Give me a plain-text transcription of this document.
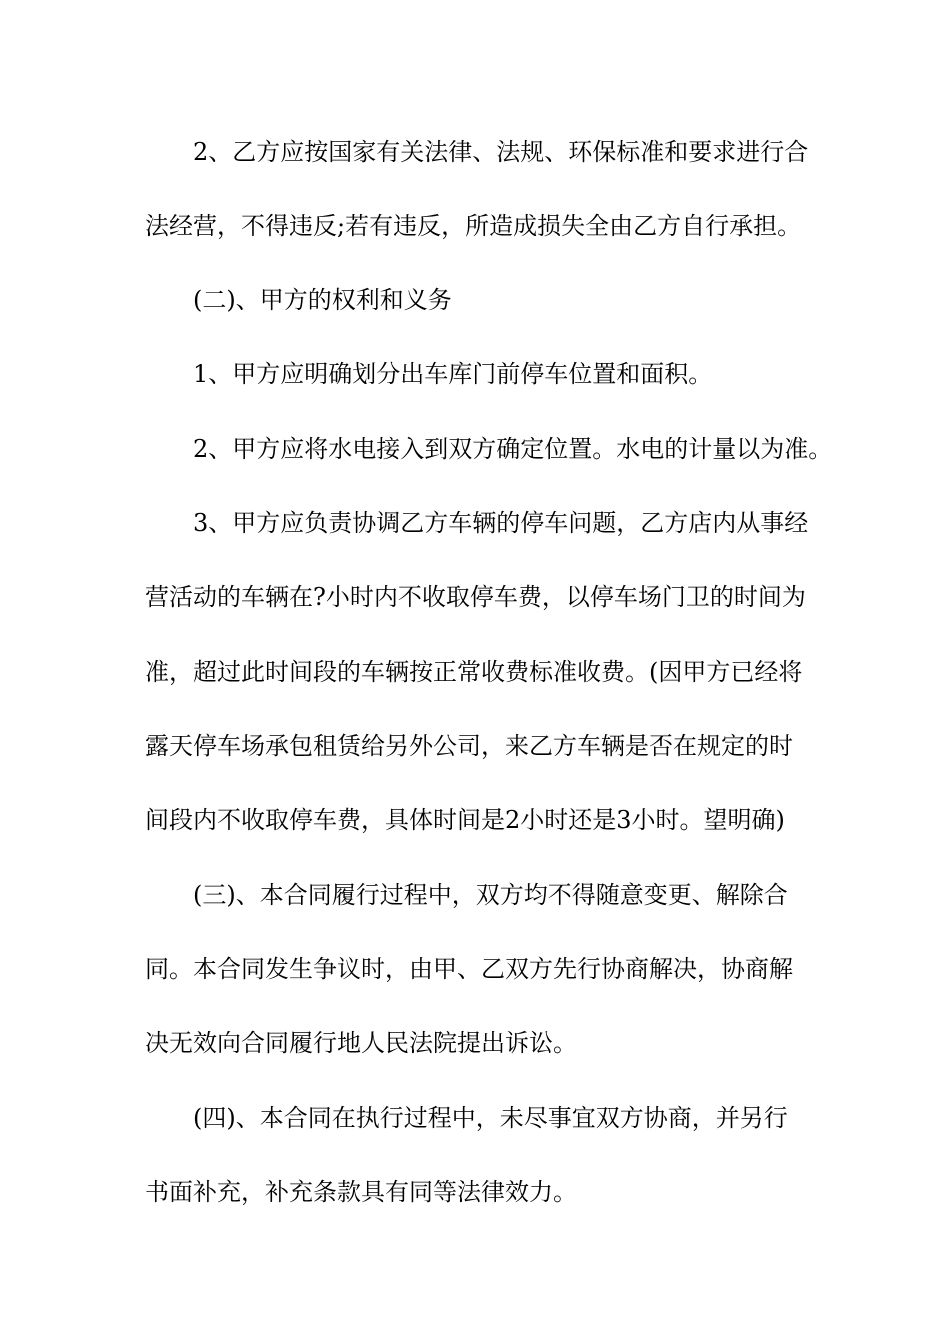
2、乙方应按国家有关法律、法规、环保标准和要求进行合
法经营，不得违反;若有违反，所造成损失全由乙方自行承担。
(二)、甲方的权利和义务
1、甲方应明确划分出车库门前停车位置和面积。
2、甲方应将水电接入到双方确定位置。水电的计量以为准。
3、甲方应负责协调乙方车辆的停车问题，乙方店内从事经
营活动的车辆在?小时内不收取停车费，以停车场门卫的时间为
准，超过此时间段的车辆按正常收费标准收费。(因甲方已经将
露天停车场承包租赁给另外公司，来乙方车辆是否在规定的时
间段内不收取停车费，具体时间是2小时还是3小时。望明确)
(三)、本合同履行过程中，双方均不得随意变更、解除合
同。本合同发生争议时，由甲、乙双方先行协商解决，协商解
决无效向合同履行地人民法院提出诉讼。
(四)、本合同在执行过程中，未尽事宜双方协商，并另行
书面补充，补充条款具有同等法律效力。
